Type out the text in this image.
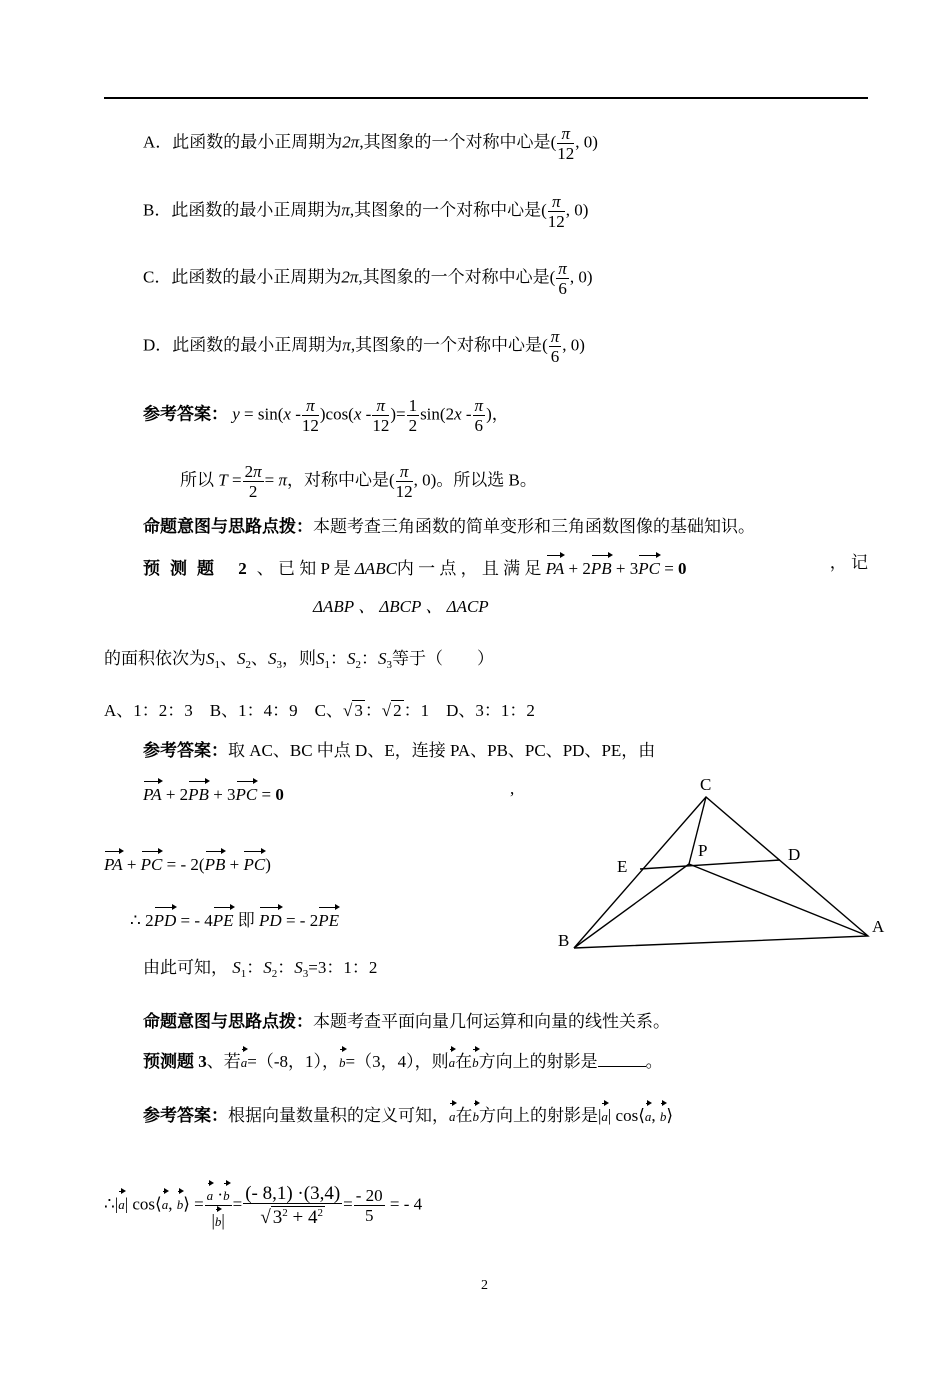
A．此函数的最小正周期为2π,其图象的一个对称中心是( $\frac{\pi}{12}$ , 0)
B．此函数的最小正周期为π,其图象的一个对称中心是( $\frac{\pi}{12}$ , 0)
C．此函数的最小正周期为2π,其图象的一个对称中心是( $\frac{\pi}{6}$ , 0)
D．此函数的最小正周期为π,其图象的一个对称中心是( $\frac{\pi}{6}$ , 0)
参考答案： $y = \sin(x - \frac{\pi}{12} )\cos(x - \frac{\pi}{12}$ )= $\frac{1}{2} \sin(2x - \frac{\pi}{6}$ )，
所以 $T = \frac{2\pi}{2} = \pi$，对称中心是( $\frac{\pi}{12}$ , 0)。所以选 B。
命题意图与思路点拨：本题考查三角函数的简单变形和三角函数图像的基础知识。
预测题 2、 已 知 P 是 ΔABC内 一 点 ， 且 满 足 PA + 2PB + 3PC = 0	， 记
ΔABP 、 ΔBCP 、 ΔACP
的面积依次为$S_1$、$S_2$、$S_3$，则$S_1$：$S_2$：$S_3$等于（　　）
A、1：2：3　B、1：4：9　C、√ 3 ：√ 2 ：1　D、3：1：2
参考答案：取 AC、BC 中点 D、E，连接 PA、PB、PC、PD、PE，由
PA + 2PB + 3PC = 0	,
PA + PC = - 2(PB + PC)
∴ 2PD = - 4PE 即 PD = - 2PE
由此可知， $S_1$：$S_2$：$S_3=3$：1：2
C
P	D
E
B
A
命题意图与思路点拨：本题考查平面向量几何运算和向量的线性关系。
预测题 3、若a=（-8，1），b=（3，4），则a在b方向上的射影是	。
参考答案：根据向量数量积的定义可知，a在b方向上的射影是|a| cos⟨a, b⟩
∴|a| cos⟨a, b⟩ = $\frac{a \cdot b}{|b|} = \frac{(- 8,1) \cdot(3,4)}{√ 3^2 + 4^2} = \frac{- 20}{5}$ = - 4
2
